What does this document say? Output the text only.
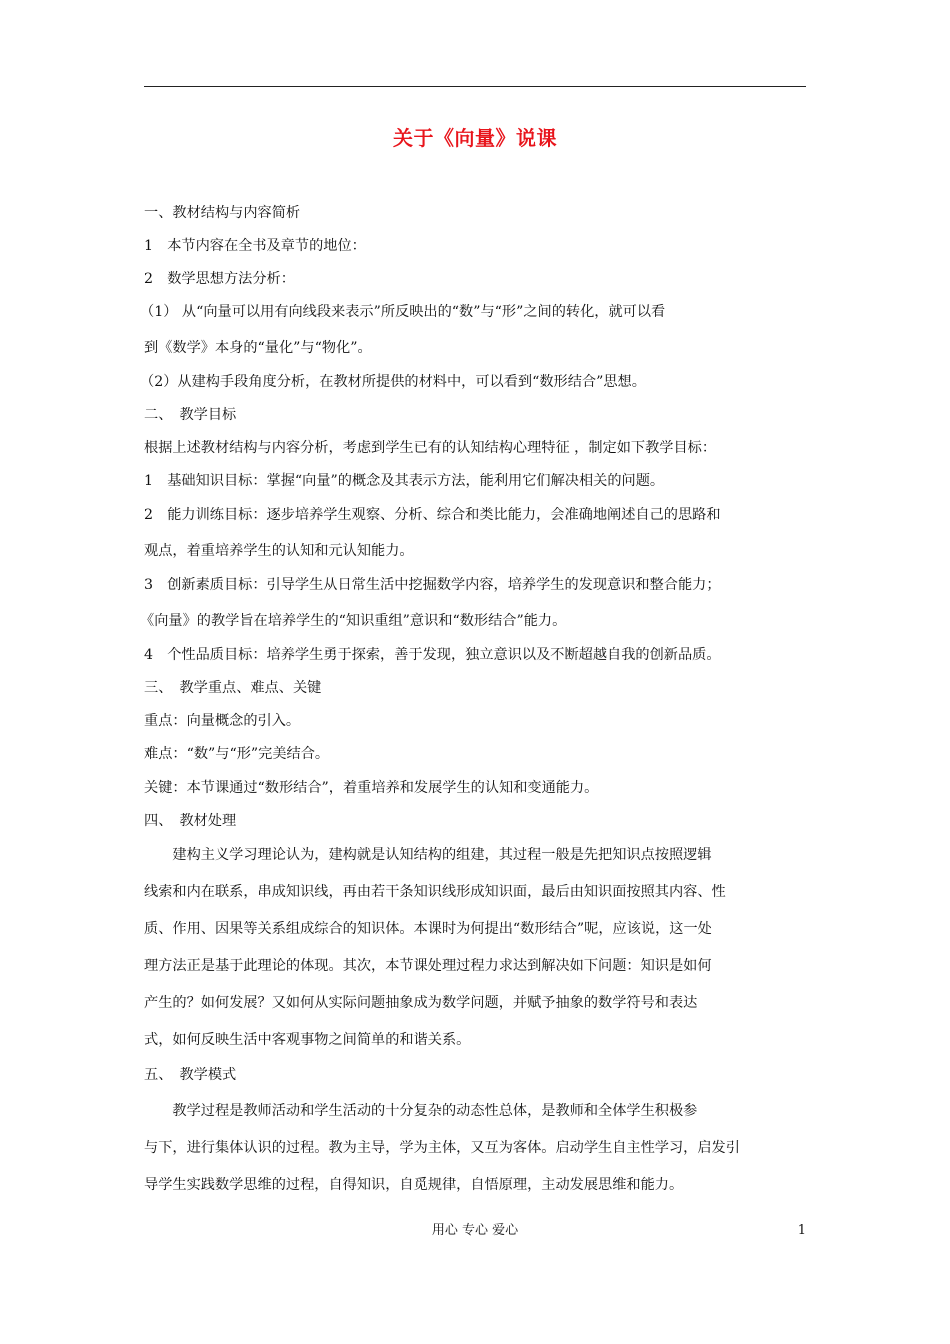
关于《向量》说课
一、教材结构与内容简析
1　本节内容在全书及章节的地位：
2　数学思想方法分析：
（1） 从“向量可以用有向线段来表示”所反映出的“数”与“形”之间的转化，就可以看
到《数学》本身的“量化”与“物化”。
（2）从建构手段角度分析，在教材所提供的材料中，可以看到“数形结合”思想。
二、　教学目标
根据上述教材结构与内容分析，考虑到学生已有的认知结构心理特征 ，制定如下教学目标：
1　基础知识目标：掌握“向量”的概念及其表示方法，能利用它们解决相关的问题。
2　能力训练目标：逐步培养学生观察、分析、综合和类比能力，会准确地阐述自己的思路和
观点，着重培养学生的认知和元认知能力。
3　创新素质目标：引导学生从日常生活中挖掘数学内容，培养学生的发现意识和整合能力；
《向量》的教学旨在培养学生的“知识重组”意识和“数形结合”能力。
4　个性品质目标：培养学生勇于探索，善于发现，独立意识以及不断超越自我的创新品质。
三、　教学重点、难点、关键
重点：向量概念的引入。
难点：“数”与“形”完美结合。
关键：本节课通过“数形结合”，着重培养和发展学生的认知和变通能力。
四、　教材处理
　　建构主义学习理论认为，建构就是认知结构的组建，其过程一般是先把知识点按照逻辑
线索和内在联系，串成知识线，再由若干条知识线形成知识面，最后由知识面按照其内容、性
质、作用、因果等关系组成综合的知识体。本课时为何提出“数形结合”呢，应该说，这一处
理方法正是基于此理论的体现。其次，本节课处理过程力求达到解决如下问题：知识是如何
产生的？如何发展？又如何从实际问题抽象成为数学问题，并赋予抽象的数学符号和表达
式，如何反映生活中客观事物之间简单的和谐关系。
五、　教学模式
　　教学过程是教师活动和学生活动的十分复杂的动态性总体，是教师和全体学生积极参
与下，进行集体认识的过程。教为主导，学为主体，又互为客体。启动学生自主性学习，启发引
导学生实践数学思维的过程，自得知识，自觅规律，自悟原理，主动发展思维和能力。
用心 专心 爱心	1
